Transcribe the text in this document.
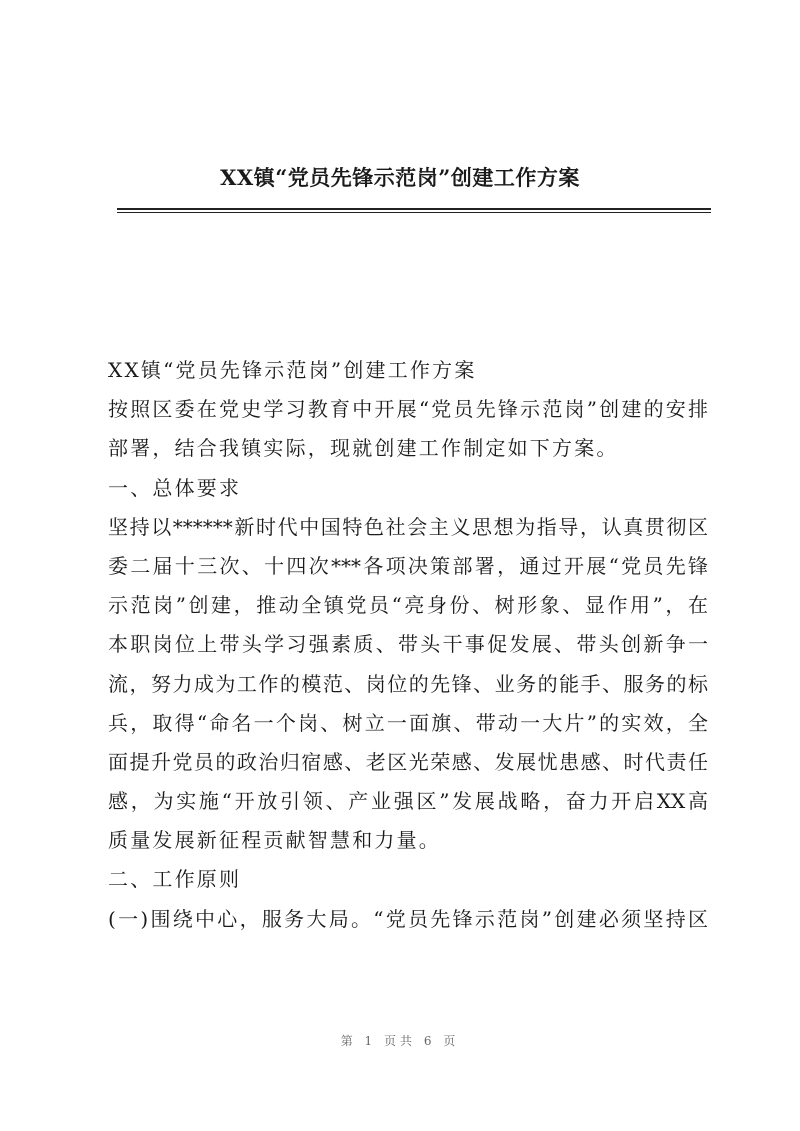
XX镇“党员先锋示范岗”创建工作方案
XX镇“党员先锋示范岗”创建工作方案
按照区委在党史学习教育中开展“党员先锋示范岗”创建的安排
部署，结合我镇实际，现就创建工作制定如下方案。
一、总体要求
坚持以******新时代中国特色社会主义思想为指导，认真贯彻区
委二届十三次、十四次***各项决策部署，通过开展“党员先锋
示范岗”创建，推动全镇党员“亮身份、树形象、显作用”，在
本职岗位上带头学习强素质、带头干事促发展、带头创新争一
流，努力成为工作的模范、岗位的先锋、业务的能手、服务的标
兵，取得“命名一个岗、树立一面旗、带动一大片”的实效，全
面提升党员的政治归宿感、老区光荣感、发展忧患感、时代责任
感，为实施“开放引领、产业强区”发展战略，奋力开启XX高
质量发展新征程贡献智慧和力量。
二、工作原则
(一)围绕中心，服务大局。“党员先锋示范岗”创建必须坚持区
第 1 页共 6 页
